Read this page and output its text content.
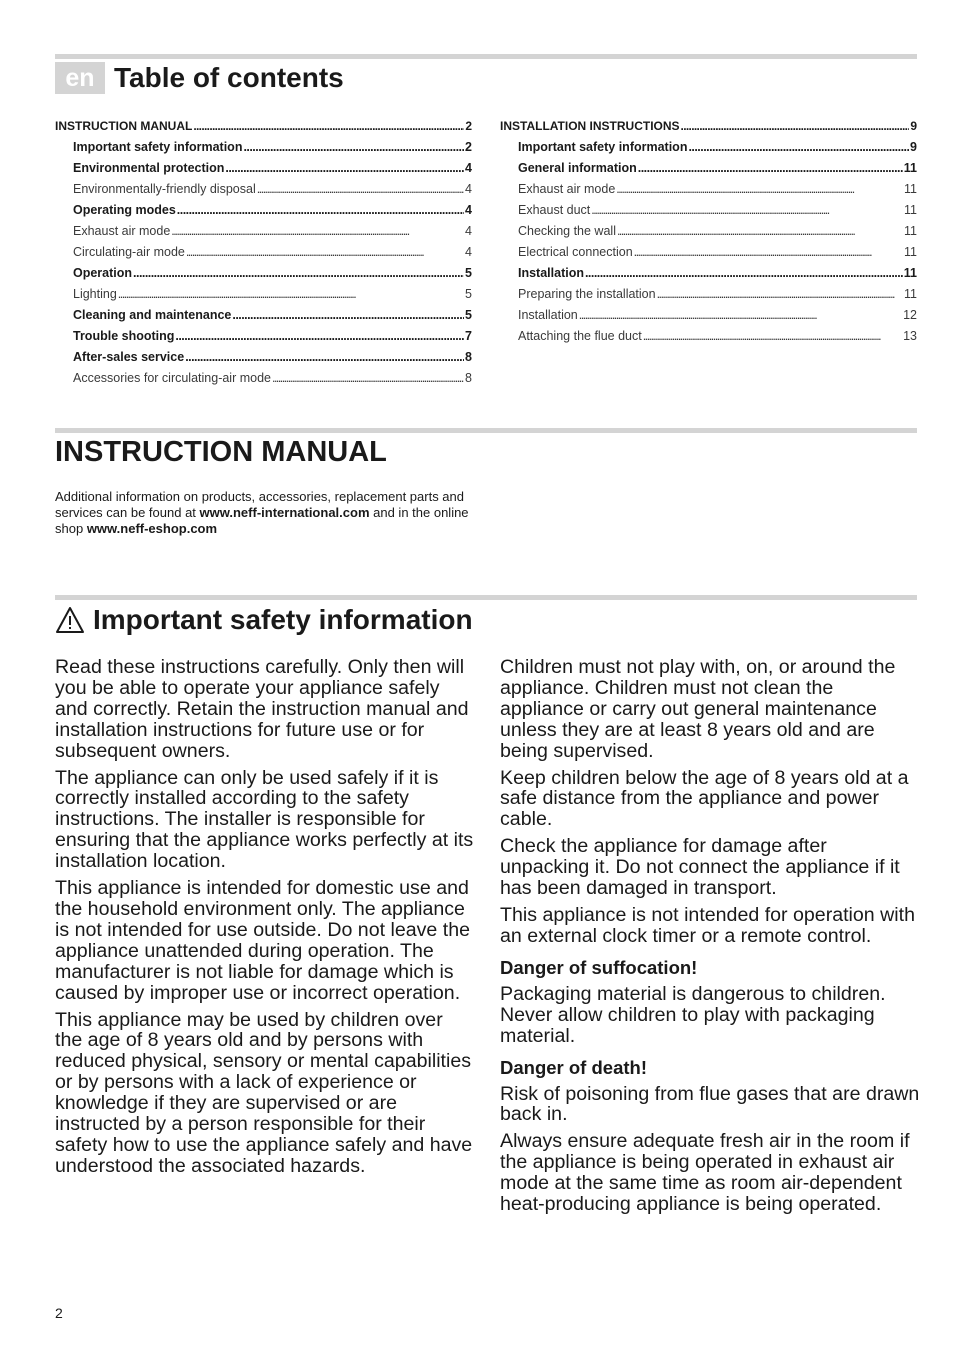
en Table of contents
INSTRUCTION MANUAL . . .	2
Important safety information . . .	2
Environmental protection . . .	4
Environmentally-friendly disposal . . .	4
Operating modes . . .	4
Exhaust air mode . . .	4
Circulating-air mode . . .	4
Operation . . .	5
Lighting . . .	5
Cleaning and maintenance . . .	5
Trouble shooting . . .	7
After-sales service . . .	8
Accessories for circulating-air mode . . .	8
INSTALLATION INSTRUCTIONS . . .	9
Important safety information . . .	9
General information . . .	11
Exhaust air mode . . .	11
Exhaust duct . . .	11
Checking the wall . . .	11
Electrical connection . . .	11
Installation . . .	11
Preparing the installation . . .	11
Installation . . .	12
Attaching the flue duct . . .	13
INSTRUCTION MANUAL

Additional information on products, accessories, replacement parts and services can be found at www.neff-international.com and in the online shop www.neff-eshop.com

Important safety information

Read these instructions carefully. Only then will you be able to operate your appliance safely and correctly. Retain the instruction manual and installation instructions for future use or for subsequent owners.

The appliance can only be used safely if it is correctly installed according to the safety instructions. The installer is responsible for ensuring that the appliance works perfectly at its installation location.

This appliance is intended for domestic use and the household environment only. The appliance is not intended for use outside. Do not leave the appliance unattended during operation. The manufacturer is not liable for damage which is caused by improper use or incorrect operation.

This appliance may be used by children over the age of 8 years old and by persons with reduced physical, sensory or mental capabilities or by persons with a lack of experience or knowledge if they are supervised or are instructed by a person responsible for their safety how to use the appliance safely and have understood the associated hazards.

Children must not play with, on, or around the appliance. Children must not clean the appliance or carry out general maintenance unless they are at least 8 years old and are being supervised.

Keep children below the age of 8 years old at a safe distance from the appliance and power cable.

Check the appliance for damage after unpacking it. Do not connect the appliance if it has been damaged in transport.

This appliance is not intended for operation with an external clock timer or a remote control.

Danger of suffocation!

Packaging material is dangerous to children. Never allow children to play with packaging material.

Danger of death!

Risk of poisoning from flue gases that are drawn back in.

Always ensure adequate fresh air in the room if the appliance is being operated in exhaust air mode at the same time as room air-dependent heat-producing appliance is being operated.

2
